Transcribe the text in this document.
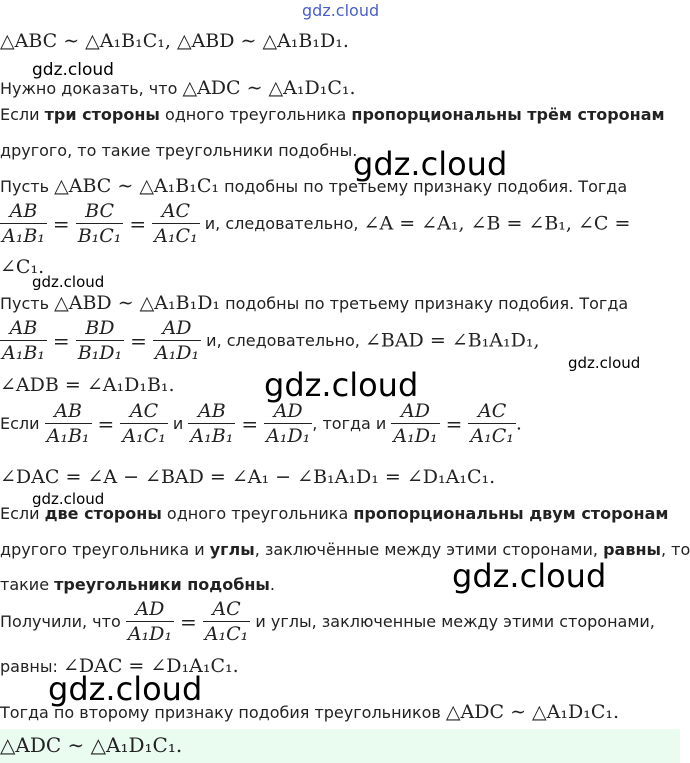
gdz.cloud
gdz.cloud
gdz.cloud
gdz.cloud
gdz.cloud
gdz.cloud
gdz.cloud
gdz.cloud
gdz.cloud
△ABC ∼ △A₁B₁C₁, △ABD ∼ △A₁B₁D₁.
Нужно доказать, что △ADC ∼ △A₁D₁C₁.
Если три стороны одного треугольника пропорциональны трём сторонам
другого, то такие треугольники подобны.
Пусть △ABC ∼ △A₁B₁C₁ подобны по третьему признаку подобия. Тогда
$\frac{AB}{\text{A₁B₁}} = \frac{BC}{\text{B₁C₁}} = \frac{AC}{\text{A₁C₁}} и$, следовательно, ∠A = ∠A₁, ∠B = ∠B₁, ∠C =
∠C₁.
Пусть △ABD ∼ △A₁B₁D₁ подобны по третьему признаку подобия. Тогда
$\frac{AB}{\text{A₁B₁}} = \frac{BD}{\text{B₁D₁}} = \frac{AD}{\text{A₁D₁}} и$, следовательно, ∠BAD = ∠B₁A₁D₁,
∠ADB = ∠A₁D₁B₁.
Если $\frac{AB}{\text{A₁B₁}} = \frac{AC}{\text{A₁C₁}}$ и $\frac{AB}{\text{A₁B₁}} = \frac{AD}{\text{A₁D₁}}$ , тогда и $\frac{AD}{\text{A₁D₁}} = \frac{AC}{\text{A₁C₁}}$ .
∠DAC = ∠A − ∠BAD = ∠A₁ − ∠B₁A₁D₁ = ∠D₁A₁C₁.
Если две стороны одного треугольника пропорциональны двум сторонам
другого треугольника и углы, заключённые между этими сторонами, равны, то
такие треугольники подобны.
Получили, что $\frac{AD}{\text{A₁D₁}} = \frac{AC}{\text{A₁C₁}}$ и углы, заключенные между этими сторонами,
равны: ∠DAC = ∠D₁A₁C₁.
Тогда по второму признаку подобия треугольников △ADC ∼ △A₁D₁C₁.
△ADC ∼ △A₁D₁C₁.
